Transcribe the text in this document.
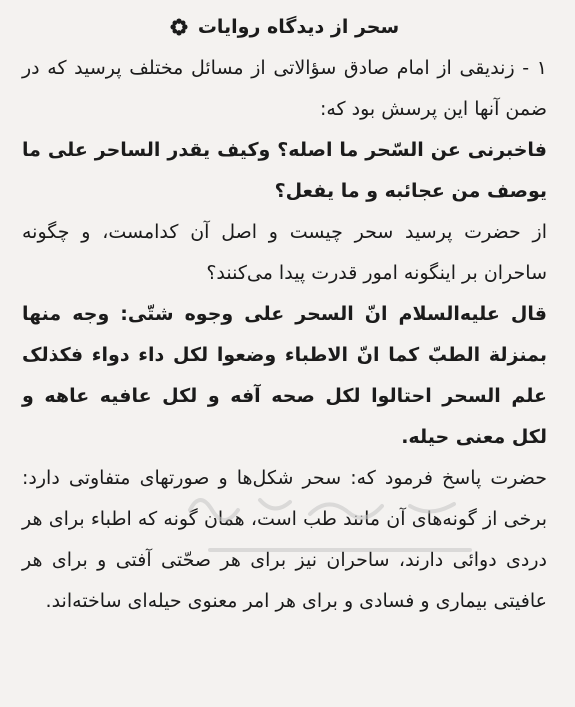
سحر از دیدگاه روایات

۱ - زندیقی از امام صادق سؤالاتی از مسائل مختلف پرسید که در ضمن آنها این پرسش بود که:

فاخبرنی عن السّحر ما اصله؟ وکیف یقدر الساحر علی ما یوصف من عجائبه و ما یفعل؟

از حضرت پرسید سحر چیست و اصل آن کدامست، و چگونه ساحران بر اینگونه امور قدرت پیدا می‌کنند؟

قال علیه‌السلام انّ السحر علی وجوه شتّی: وجه منها بمنزلة الطبّ کما انّ الاطباء وضعوا لکل داء دواء فکذلک علم السحر احتالوا لکل صحه آفه و لکل عافیه عاهه و لکل معنی حیله.

حضرت پاسخ فرمود که: سحر شکل‌ها و صورتهای متفاوتی دارد: برخی از گونه‌های آن مانند طب است، همان گونه که اطباء برای هر دردی دوائی دارند، ساحران نیز برای هر صحّتی آفتی و برای هر عافیتی بیماری و فسادی و برای هر امر معنوی حیله‌ای ساخته‌اند.
